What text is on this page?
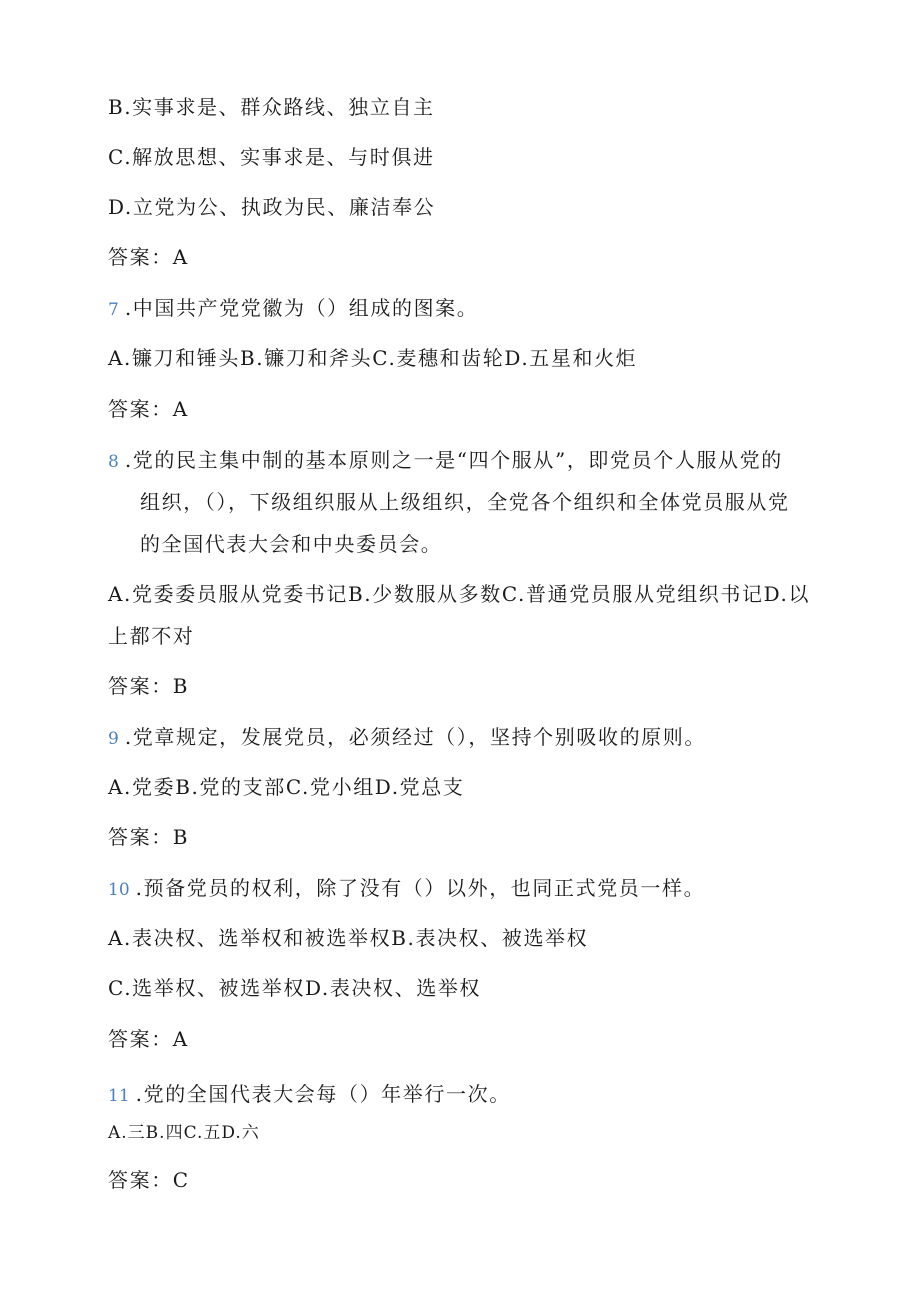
B.实事求是、群众路线、独立自主

C.解放思想、实事求是、与时俱进

D.立党为公、执政为民、廉洁奉公

答案：A

7 .中国共产党党徽为（）组成的图案。

A.镰刀和锤头B.镰刀和斧头C.麦穗和齿轮D.五星和火炬

答案：A

8 .党的民主集中制的基本原则之一是“四个服从”，即党员个人服从党的

组织，（），下级组织服从上级组织，全党各个组织和全体党员服从党

的全国代表大会和中央委员会。

A.党委委员服从党委书记B.少数服从多数C.普通党员服从党组织书记D.以

上都不对

答案：B

9 .党章规定，发展党员，必须经过（），坚持个别吸收的原则。

A.党委B.党的支部C.党小组D.党总支

答案：B

10 .预备党员的权利，除了没有（）以外，也同正式党员一样。

A.表决权、选举权和被选举权B.表决权、被选举权

C.选举权、被选举权D.表决权、选举权

答案：A

11 .党的全国代表大会每（）年举行一次。

A.三B.四C.五D.六

答案：C
